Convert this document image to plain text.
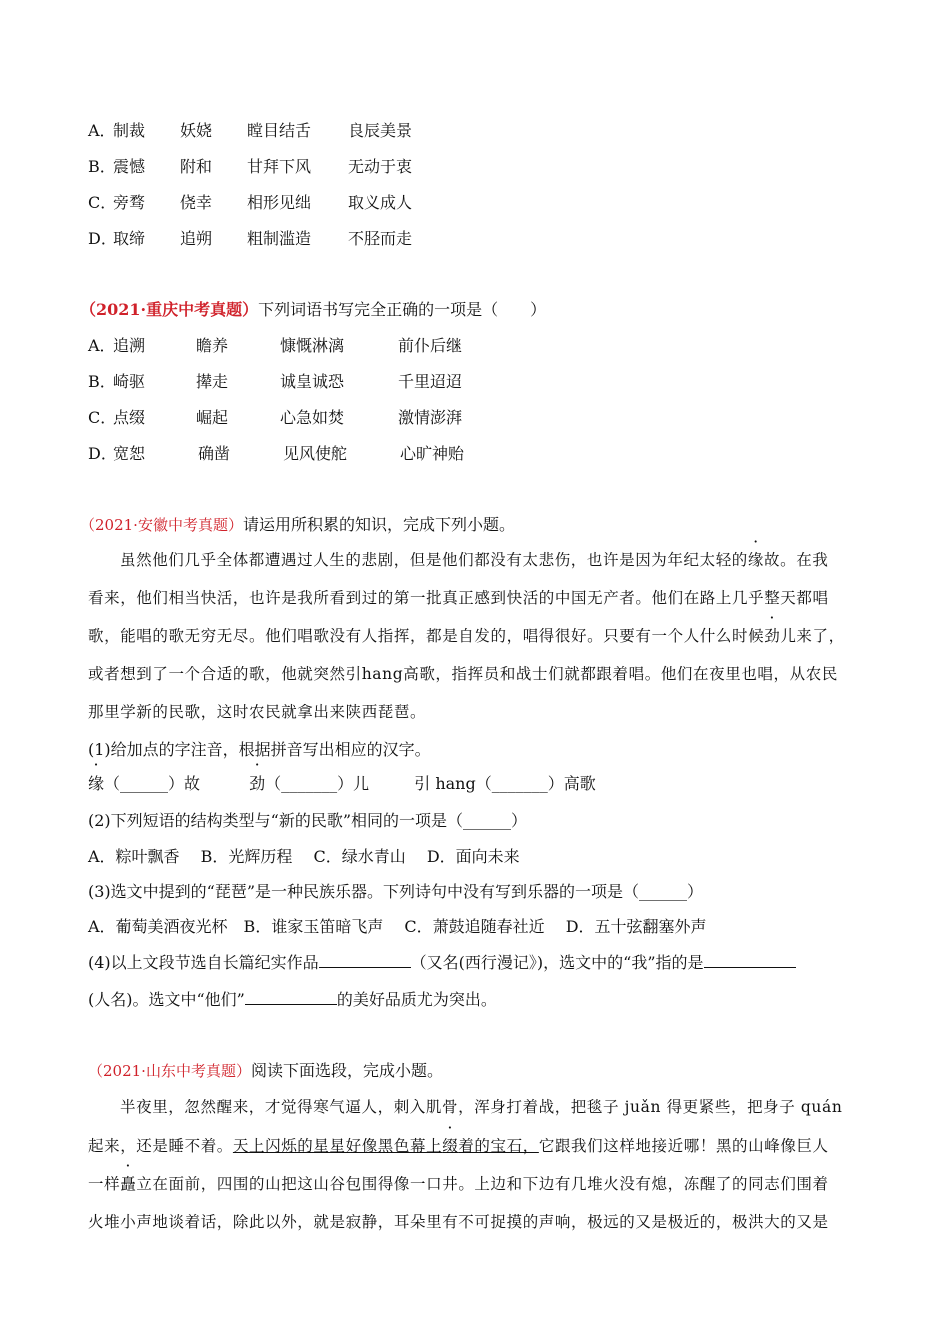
A．
制裁 妖娆 瞠目结舌 良辰美景
B．
震憾 附和 甘拜下风 无动于衷
C．
旁骛 侥幸 相形见绌 取义成人
D．
取缔 追朔 粗制滥造 不胫而走
（2021·重庆中考真题）下列词语书写完全正确的一项是（　　）
A．
追溯	瞻养	慷慨淋漓	前仆后继
B．
崎驱	撵走	诚皇诚恐	千里迢迢
C．
点缀	崛起	心急如焚	激情澎湃
D．
宽恕	确凿	见风使舵	心旷神贻
（2021·安徽中考真题）请运用所积累的知识，完成下列小题。
虽然他们几乎全体都遭遇过人生的悲剧，但是他们都没有太悲伤，也许是因为年纪太轻的缘故。在我
看来，他们相当快活，也许是我所看到过的第一批真正感到快活的中国无产者。他们在路上几乎整天都唱
歌，能唱的歌无穷无尽。他们唱歌没有人指挥，都是自发的，唱得很好。只要有一个人什么时候劲儿来了，
或者想到了一个合适的歌，他就突然引hang高歌，指挥员和战士们就都跟着唱。他们在夜里也唱，从农民
那里学新的民歌，这时农民就拿出来陕西琵琶。
(1)给加点的字注音，根据拼音写出相应的汉字。
缘（______）故	劲（_______）儿	引 hang（_______）高歌
(2)下列短语的结构类型与“新的民歌”相同的一项是（______）
A．粽叶飘香　 B．光辉历程　 C．绿水青山　 D．面向未来
(3)选文中提到的“琵琶”是一种民族乐器。下列诗句中没有写到乐器的一项是（______）
A．葡萄美酒夜光杯　B．谁家玉笛暗飞声　 C．萧鼓追随春社近　 D．五十弦翻塞外声
(4)以上文段节选自长篇纪实作品	（又名(西行漫记》)，选文中的“我”指的是
(人名)。选文中“他们”	的美好品质尤为突出。
（2021·山东中考真题）阅读下面选段，完成小题。
半夜里，忽然醒来，才觉得寒气逼人，刺入肌骨，浑身打着战，把毯子 juǎn 得更紧些，把身子 quán
起来，还是睡不着。天上闪烁的星星好像黑色幕上缀着的宝石，它跟我们这样地接近哪！黑的山峰像巨人
一样矗立在面前，四围的山把这山谷包围得像一口井。上边和下边有几堆火没有熄，冻醒了的同志们围着
火堆小声地谈着话，除此以外，就是寂静，耳朵里有不可捉摸的声响，极远的又是极近的，极洪大的又是
